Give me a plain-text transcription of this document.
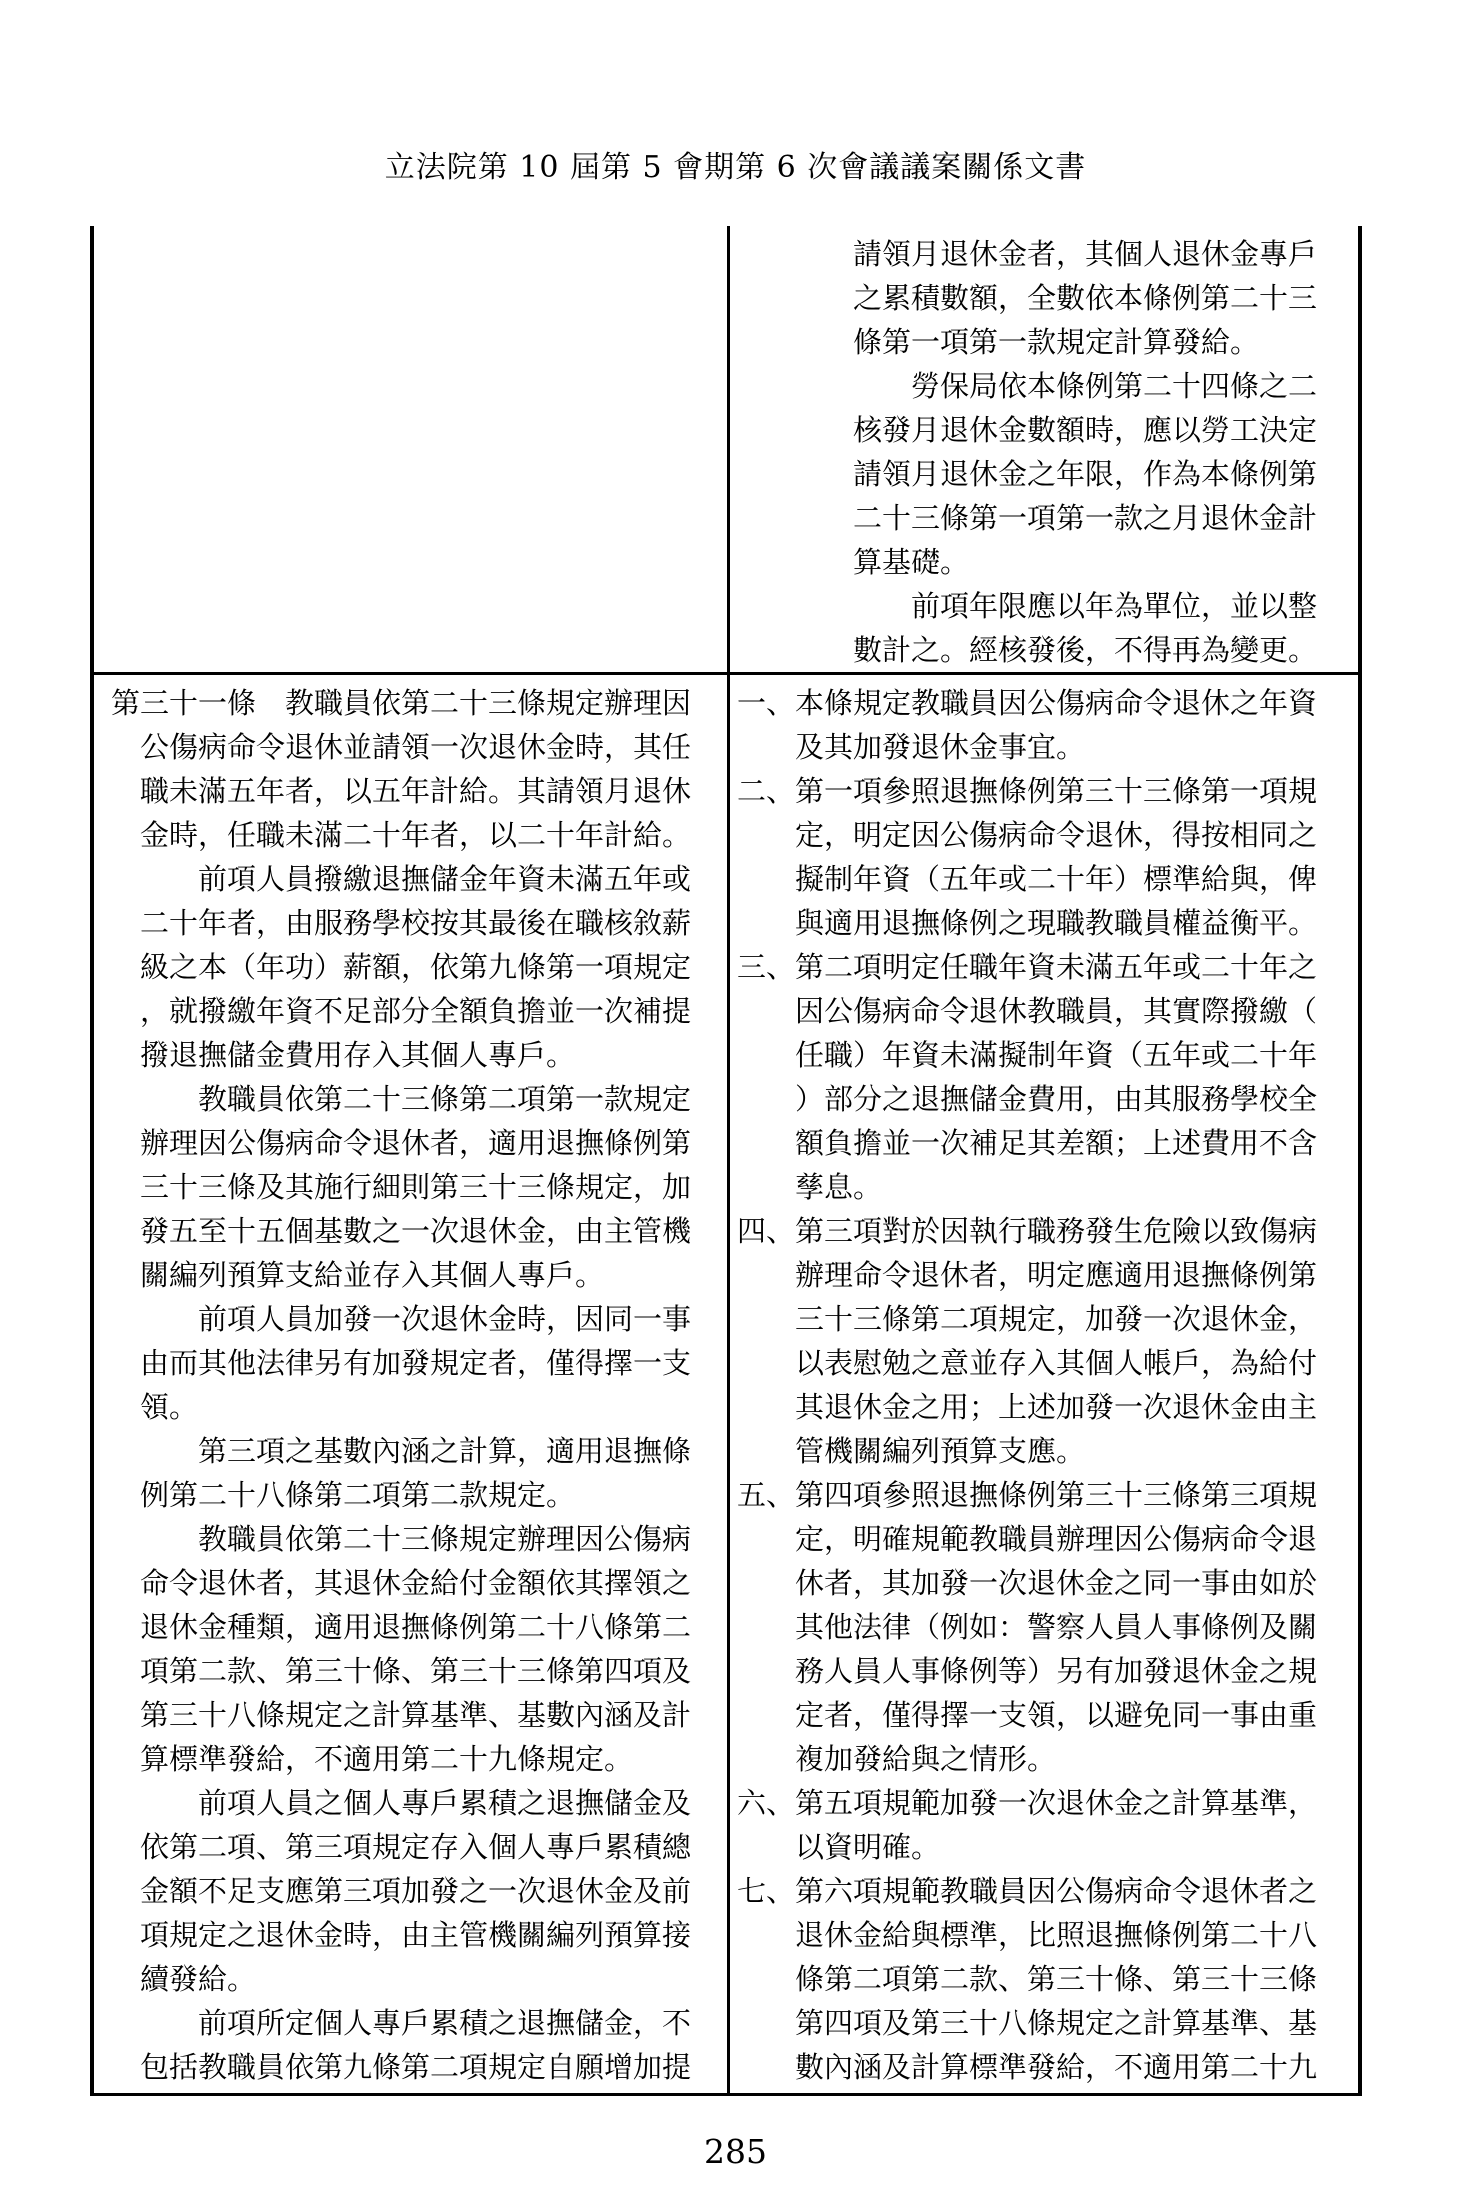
立法院第 10 屆第 5 會期第 6 次會議議案關係文書
　　　　請領月退休金者，其個人退休金專戶
　　　　之累積數額，全數依本條例第二十三
　　　　條第一項第一款規定計算發給。
　　　　　　勞保局依本條例第二十四條之二
　　　　核發月退休金數額時，應以勞工決定
　　　　請領月退休金之年限，作為本條例第
　　　　二十三條第一項第一款之月退休金計
　　　　算基礎。
　　　　　　前項年限應以年為單位，並以整
　　　　數計之。經核發後，不得再為變更。
第三十一條　教職員依第二十三條規定辦理因
　公傷病命令退休並請領一次退休金時，其任
　職未滿五年者，以五年計給。其請領月退休
　金時，任職未滿二十年者，以二十年計給。
　　　前項人員撥繳退撫儲金年資未滿五年或
　二十年者，由服務學校按其最後在職核敘薪
　級之本（年功）薪額，依第九條第一項規定
　，就撥繳年資不足部分全額負擔並一次補提
　撥退撫儲金費用存入其個人專戶。
　　　教職員依第二十三條第二項第一款規定
　辦理因公傷病命令退休者，適用退撫條例第
　三十三條及其施行細則第三十三條規定，加
　發五至十五個基數之一次退休金，由主管機
　關編列預算支給並存入其個人專戶。
　　　前項人員加發一次退休金時，因同一事
　由而其他法律另有加發規定者，僅得擇一支
　領。
　　　第三項之基數內涵之計算，適用退撫條
　例第二十八條第二項第二款規定。
　　　教職員依第二十三條規定辦理因公傷病
　命令退休者，其退休金給付金額依其擇領之
　退休金種類，適用退撫條例第二十八條第二
　項第二款、第三十條、第三十三條第四項及
　第三十八條規定之計算基準、基數內涵及計
　算標準發給，不適用第二十九條規定。
　　　前項人員之個人專戶累積之退撫儲金及
　依第二項、第三項規定存入個人專戶累積總
　金額不足支應第三項加發之一次退休金及前
　項規定之退休金時，由主管機關編列預算接
　續發給。
　　　前項所定個人專戶累積之退撫儲金，不
　包括教職員依第九條第二項規定自願增加提
一、本條規定教職員因公傷病命令退休之年資
　　及其加發退休金事宜。
二、第一項參照退撫條例第三十三條第一項規
　　定，明定因公傷病命令退休，得按相同之
　　擬制年資（五年或二十年）標準給與，俾
　　與適用退撫條例之現職教職員權益衡平。
三、第二項明定任職年資未滿五年或二十年之
　　因公傷病命令退休教職員，其實際撥繳（
　　任職）年資未滿擬制年資（五年或二十年
　　）部分之退撫儲金費用，由其服務學校全
　　額負擔並一次補足其差額；上述費用不含
　　孳息。
四、第三項對於因執行職務發生危險以致傷病
　　辦理命令退休者，明定應適用退撫條例第
　　三十三條第二項規定，加發一次退休金，
　　以表慰勉之意並存入其個人帳戶，為給付
　　其退休金之用；上述加發一次退休金由主
　　管機關編列預算支應。
五、第四項參照退撫條例第三十三條第三項規
　　定，明確規範教職員辦理因公傷病命令退
　　休者，其加發一次退休金之同一事由如於
　　其他法律（例如：警察人員人事條例及關
　　務人員人事條例等）另有加發退休金之規
　　定者，僅得擇一支領，以避免同一事由重
　　複加發給與之情形。
六、第五項規範加發一次退休金之計算基準，
　　以資明確。
七、第六項規範教職員因公傷病命令退休者之
　　退休金給與標準，比照退撫條例第二十八
　　條第二項第二款、第三十條、第三十三條
　　第四項及第三十八條規定之計算基準、基
　　數內涵及計算標準發給，不適用第二十九
285
